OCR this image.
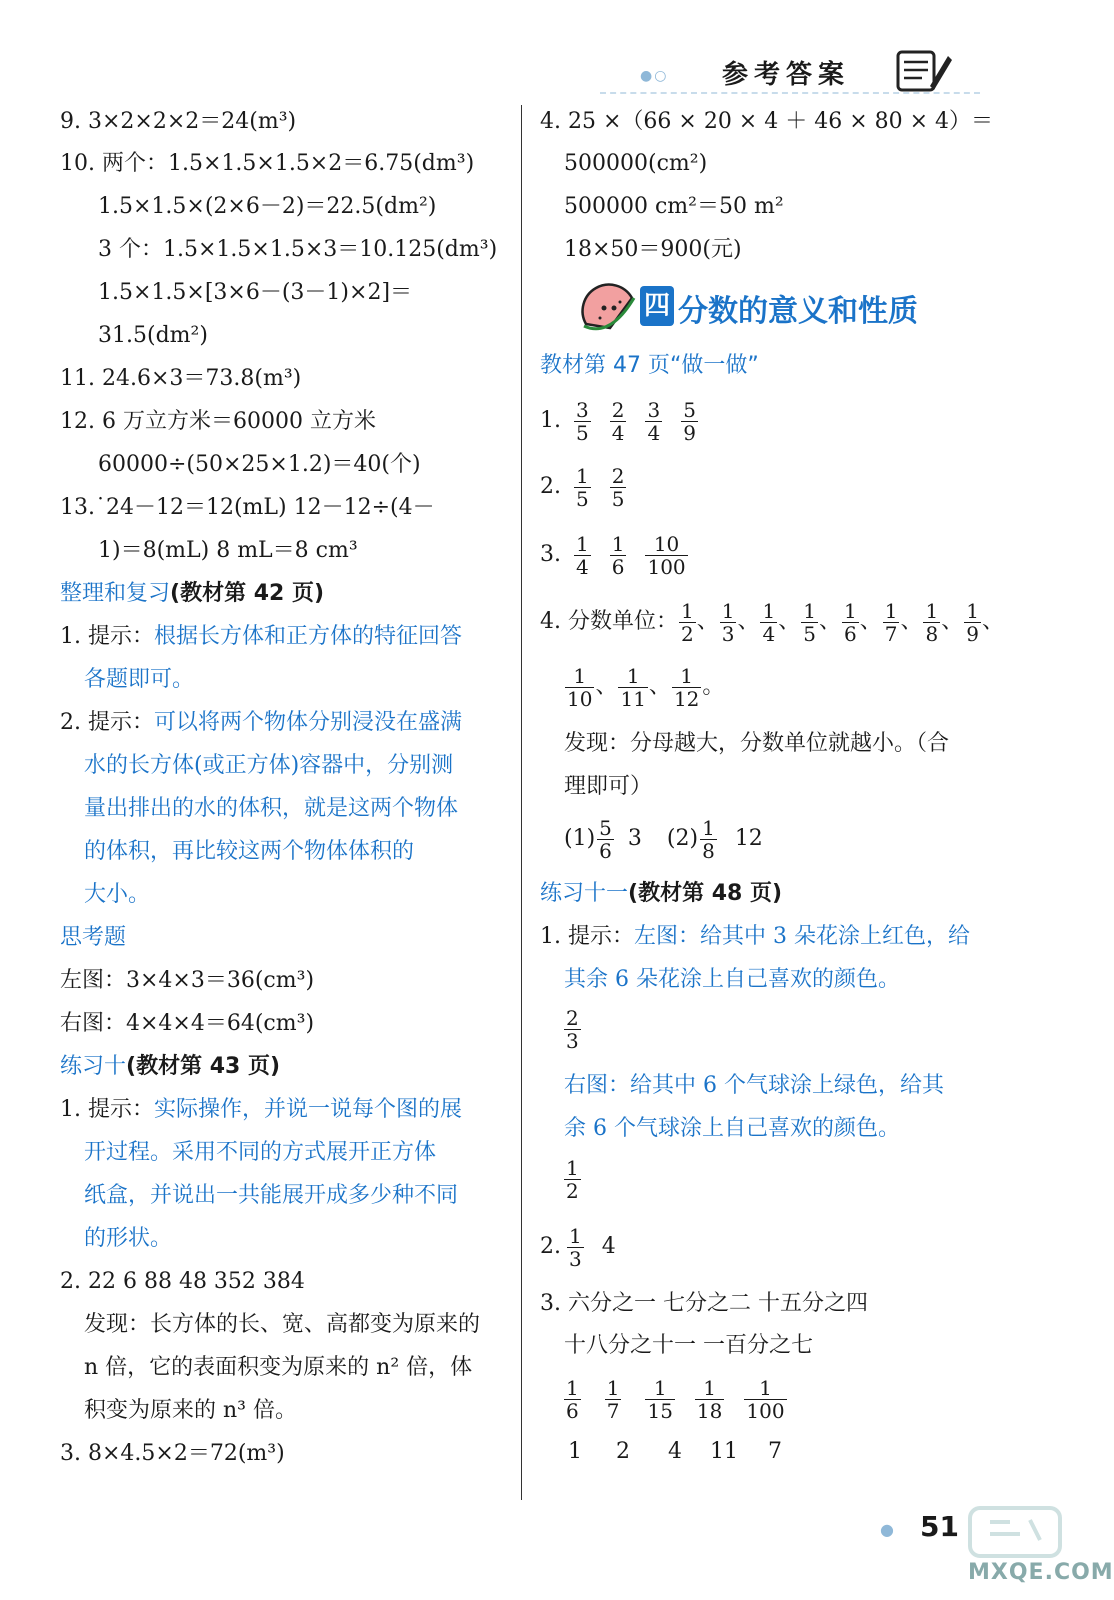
●○ 参考答案
9. 3×2×2×2＝24(m³)
10. 两个：1.5×1.5×1.5×2＝6.75(dm³)
1.5×1.5×(2×6－2)＝22.5(dm²)
3 个：1.5×1.5×1.5×3＝10.125(dm³)
1.5×1.5×[3×6－(3－1)×2]＝
31.5(dm²)
11. 24.6×3＝73.8(m³)
12. 6 万立方米＝60000 立方米
60000÷(50×25×1.2)＝40(个)
13.˙24－12＝12(mL) 12－12÷(4－
1)＝8(mL) 8 mL＝8 cm³
整理和复习(教材第 42 页)
1. 提示：根据长方体和正方体的特征回答
各题即可。
2. 提示：可以将两个物体分别浸没在盛满
水的长方体(或正方体)容器中，分别测
量出排出的水的体积，就是这两个物体
的体积，再比较这两个物体体积的
大小。
思考题
左图：3×4×3＝36(cm³)
右图：4×4×4＝64(cm³)
练习十(教材第 43 页)
1. 提示：实际操作，并说一说每个图的展
开过程。采用不同的方式展开正方体
纸盒，并说出一共能展开成多少种不同
的形状。
2. 22 6 88 48 352 384
发现：长方体的长、宽、高都变为原来的
n 倍，它的表面积变为原来的 n² 倍，体
积变为原来的 n³ 倍。
3. 8×4.5×2＝72(m³)
4. 25 ×（66 × 20 × 4 ＋ 46 × 80 × 4）＝
500000(cm²)
500000 cm²＝50 m²
18×50＝900(元)
四 分数的意义和性质
教材第 47 页“做一做”
1. $\frac{3}{5}$
$\frac{2}{4}$
$\frac{3}{4}$
$\frac{5}{9}$
2. $\frac{1}{5}$
$\frac{2}{5}$
3. $\frac{1}{4}$
$\frac{1}{6}$
$\frac{10}{100}$
4. 分数单位： $\frac{1}{2}$ 、 $\frac{1}{3}$ 、 $\frac{1}{4}$ 、 $\frac{1}{5}$ 、 $\frac{1}{6}$ 、 $\frac{1}{7}$ 、 $\frac{1}{8}$ 、 $\frac{1}{9}$ 、
$\frac{1}{10}$ 、 $\frac{1}{11}$ 、 $\frac{1}{12}$ 。
发现：分母越大，分数单位就越小。（合
理即可）
$(1) \frac{5}{6} 3$ $(2) \frac{1}{8} 12$
练习十一(教材第 48 页)
1. 提示：左图：给其中 3 朵花涂上红色，给
其余 6 朵花涂上自己喜欢的颜色。
$\frac{2}{3}$
右图：给其中 6 个气球涂上绿色，给其
余 6 个气球涂上自己喜欢的颜色。
$\frac{1}{2}$
2. $\frac{1}{3} 4$
3. 六分之一 七分之二 十五分之四
十八分之十一 一百分之七
$\frac{1}{6} \frac{1}{7} \frac{1}{15} \frac{1}{18} \frac{1}{100}$
1 2 4 11 7
● 51
MXQE.COM
